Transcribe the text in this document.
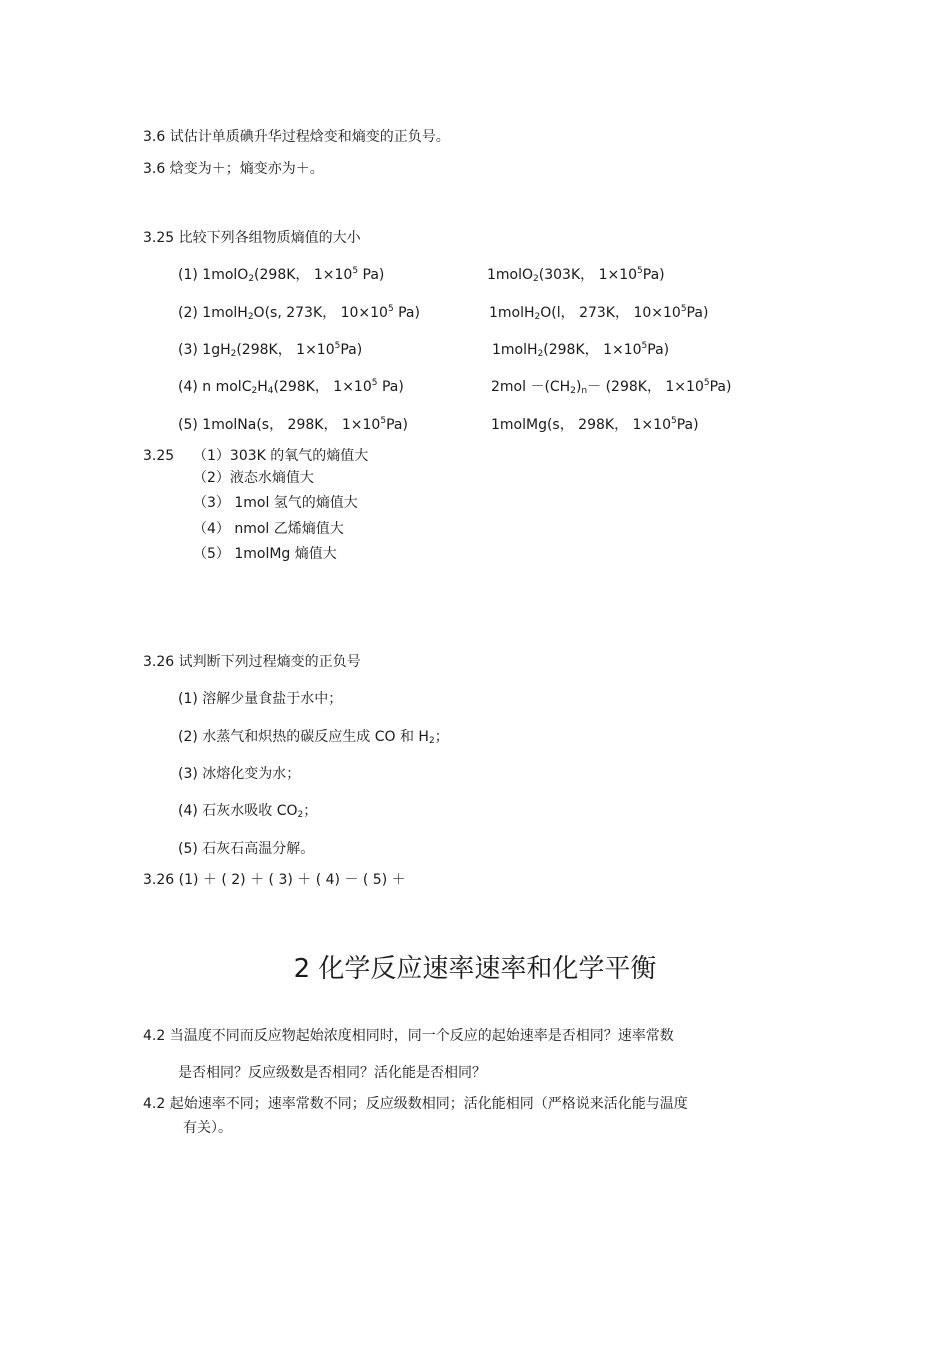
3.6 试估计单质碘升华过程焓变和熵变的正负号。
3.6 焓变为＋；熵变亦为＋。
3.25 比较下列各组物质熵值的大小
(1) 1molO2(298K， $1\times 10^5$ Pa)	1molO2(303K， $1\times 10^5Pa$)
(2) 1molH2O(s, 273K， $10\times 10^5$ Pa)	1molH2O(l， 273K， $10\times 10^5Pa$)
(3) 1gH2(298K， $1\times 10^5Pa$)	1molH2(298K， $1\times 10^5Pa$)
(4) n molC2H4(298K， $1\times 10^5$ Pa)	2mol －(CH2)n－ (298K， $1\times 10^5Pa$)
(5) 1molNa(s， 298K， $1\times 10^5Pa$)	1molMg(s， 298K， $1\times 10^5Pa$)
3.25 （1）303K 的氧气的熵值大
（2）液态水熵值大
（3） 1mol 氢气的熵值大
（4） nmol 乙烯熵值大
（5） 1molMg 熵值大
3.26 试判断下列过程熵变的正负号
(1) 溶解少量食盐于水中；
(2) 水蒸气和炽热的碳反应生成 CO 和 H2；
(3) 冰熔化变为水；
(4) 石灰水吸收 CO2；
(5) 石灰石高温分解。
3.26 (1) ＋ ( 2) ＋ ( 3) ＋ ( 4) － ( 5) ＋
2 化学反应速率速率和化学平衡
4.2 当温度不同而反应物起始浓度相同时，同一个反应的起始速率是否相同？速率常数
是否相同？反应级数是否相同？活化能是否相同？
4.2 起始速率不同；速率常数不同；反应级数相同；活化能相同（严格说来活化能与温度
有关）。
